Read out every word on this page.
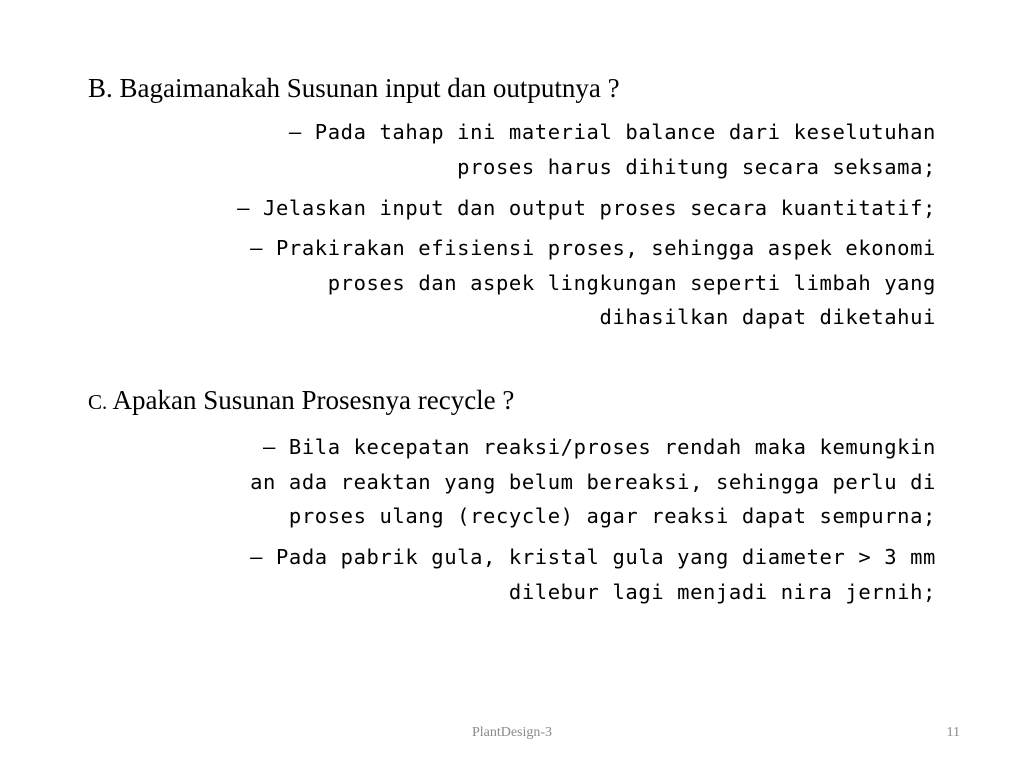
B. Bagaimanakah Susunan input dan outputnya ?
– Pada tahap ini material balance dari keselutuhan
proses harus dihitung secara seksama;
– Jelaskan input dan output proses secara kuantitatif;
– Prakirakan efisiensi proses, sehingga aspek ekonomi
proses dan aspek lingkungan seperti limbah yang
dihasilkan dapat diketahui
C. Apakan Susunan Prosesnya recycle ?
– Bila kecepatan reaksi/proses rendah maka kemungkin
an ada reaktan yang belum bereaksi, sehingga perlu di
proses ulang (recycle) agar reaksi dapat sempurna;
– Pada pabrik gula, kristal gula yang diameter > 3 mm
dilebur lagi menjadi nira jernih;
PlantDesign-3	11
